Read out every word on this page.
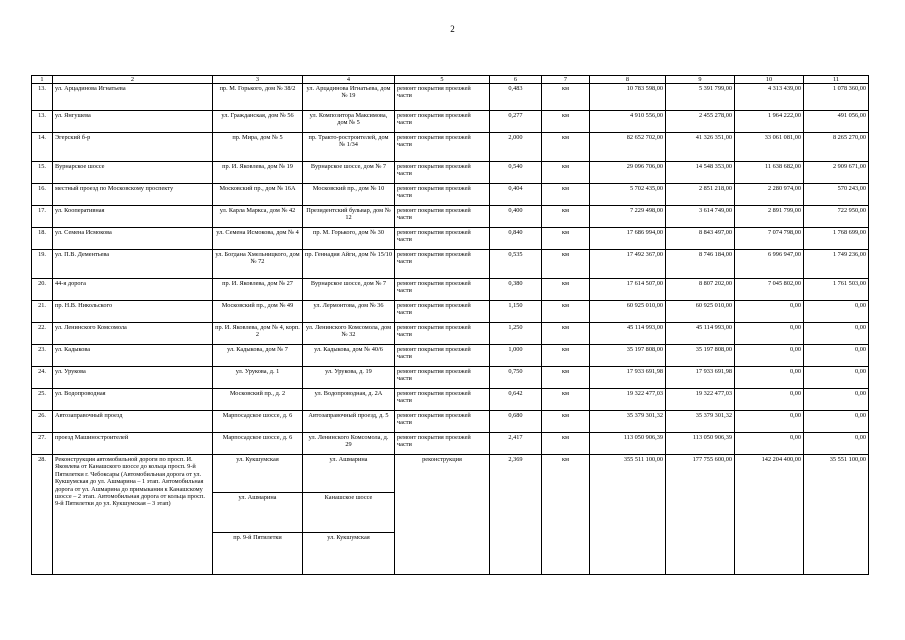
2
1	2	3	4	5	6	7	8	9	10	11
13.	ул. Арцадинова Игнатьева	пр. М. Горького, дом № 38/2	ул. Арцадинова Игнатьева, дом № 19	ремонт покрытия проезжей части	0,483	км	10 783 598,00	5 391 799,00	4 313 439,00	1 078 360,00
13.	ул. Янгушева	ул. Гражданская, дом № 56	ул. Композитора Максимова, дом № 5	ремонт покрытия проезжей части	0,277	км	4 910 556,00	2 455 278,00	1 964 222,00	491 056,00
14.	Эгерский б-р	пр. Мира, дом № 5	пр. Тракто-ростроителей, дом № 1/34	ремонт покрытия проезжей части	2,000	км	82 652 702,00	41 326 351,00	33 061 081,00	8 265 270,00
15.	Вурнарское шоссе	пр. И. Яковлева, дом № 19	Вурнарское шоссе, дом № 7	ремонт покрытия проезжей части	0,540	км	29 096 706,00	14 548 353,00	11 638 682,00	2 909 671,00
16.	местный проезд по Московскому проспекту	Московский пр., дом № 16А	Московский пр., дом № 10	ремонт покрытия проезжей части	0,404	км	5 702 435,00	2 851 218,00	2 280 974,00	570 243,00
17.	ул. Кооперативная	ул. Карла Маркса, дом № 42	Президентский бульвар, дом № 12	ремонт покрытия проезжей части	0,400	км	7 229 498,00	3 614 749,00	2 891 799,00	722 950,00
18.	ул. Семена Исмокова	ул. Семена Исмокова, дом № 4	пр. М. Горького, дом № 30	ремонт покрытия проезжей части	0,840	км	17 686 994,00	8 843 497,00	7 074 798,00	1 768 699,00
19.	ул. П.В. Дементьева	ул. Богдана Хмельницкого, дом № 72	пр. Геннадия Айги, дом № 15/10	ремонт покрытия проезжей части	0,535	км	17 492 367,00	8 746 184,00	6 996 947,00	1 749 236,00
20.	44-я дорога	пр. И. Яковлева, дом № 27	Вурнарское шоссе, дом № 7	ремонт покрытия проезжей части	0,380	км	17 614 507,00	8 807 202,00	7 045 802,00	1 761 503,00
21.	пр. Н.В. Никольского	Московский пр., дом № 49	ул. Лермонтова, дом № 36	ремонт покрытия проезжей части	1,150	км	60 925 010,00	60 925 010,00	0,00	0,00
22.	ул. Ленинского Комсомола	пр. И. Яковлева, дом № 4, корп. 2	ул. Ленинского Комсомола, дом № 32	ремонт покрытия проезжей части	1,250	км	45 114 993,00	45 114 993,00	0,00	0,00
23.	ул. Кадыкова	ул. Кадыкова, дом № 7	ул. Кадыкова, дом № 40/6	ремонт покрытия проезжей части	1,000	км	35 197 808,00	35 197 808,00	0,00	0,00
24.	ул. Урукова	ул. Урукова, д. 1	ул. Урукова, д. 19	ремонт покрытия проезжей части	0,750	км	17 933 691,98	17 933 691,98	0,00	0,00
25.	ул. Водопроводная	Московский пр., д. 2	ул. Водопроводная, д. 2А	ремонт покрытия проезжей части	0,642	км	19 322 477,03	19 322 477,03	0,00	0,00
26.	Автозаправочный проезд	Марпосадское шоссе, д. 6	Автозаправочный проезд, д. 5	ремонт покрытия проезжей части	0,680	км	35 379 301,32	35 379 301,32	0,00	0,00
27.	проезд Машиностроителей	Марпосадское шоссе, д. 6	ул. Ленинского Комсомола, д. 29	ремонт покрытия проезжей части	2,417	км	113 050 906,39	113 050 906,39	0,00	0,00
28.	Реконструкция автомобильной дороги по просп. И. Яковлева от Канашского шоссе до кольца просп. 9-й Пятилетки г. Чебоксары (Автомобильная дорога от ул. Кукшумская до ул. Ашмарина – 1 этап. Автомобильная дорога от ул. Ашмарина до примыкания к Канашскому шоссе – 2 этап. Автомобильная дорога от кольца просп. 9-й Пятилетки до ул. Кукшумская – 3 этап)	ул. Кукшумская	ул. Ашмарина	реконструкция	2,369	км	355 511 100,00	177 755 600,00	142 204 400,00	35 551 100,00
		ул. Ашмарина	Канашское шоссе							
		пр. 9-й Пятилетки	ул. Кукшумская							
